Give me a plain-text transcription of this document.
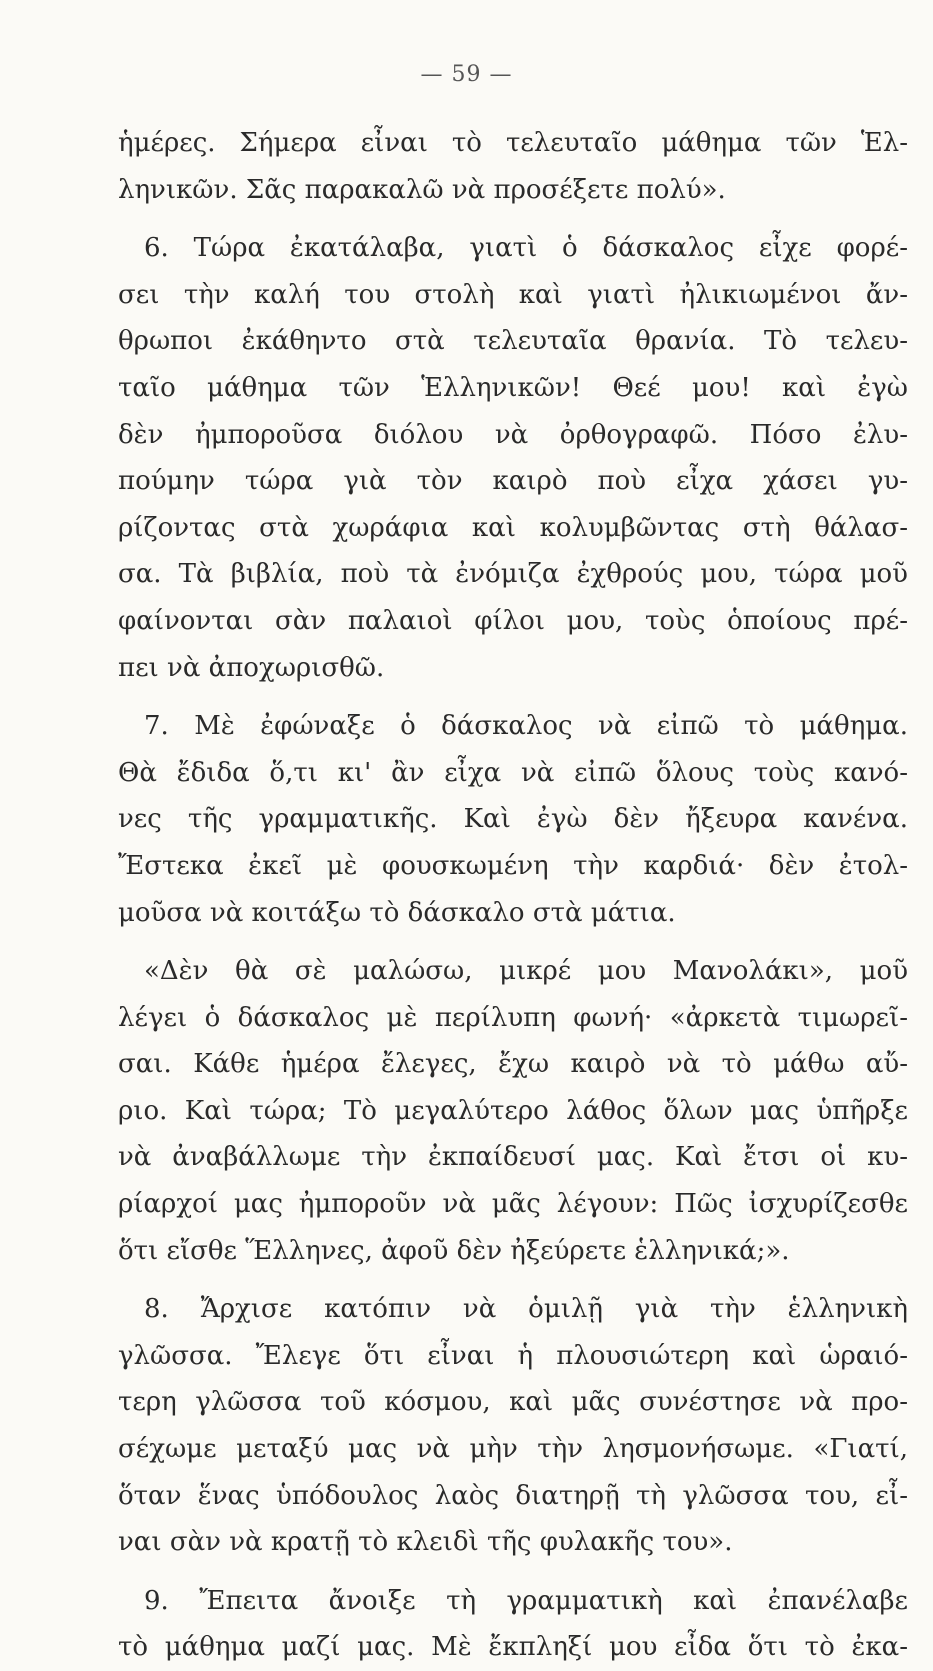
— 59 —
ἡμέρες. Σήμερα εἶναι τὸ τελευταῖο μάθημα τῶν Ἑλ-
ληνικῶν. Σᾶς παρακαλῶ νὰ προσέξετε πολύ».
6. Τώρα ἐκατάλαβα, γιατὶ ὁ δάσκαλος εἶχε φορέ-
σει τὴν καλή του στολὴ καὶ γιατὶ ἠλικιωμένοι ἄν-
θρωποι ἐκάθηντο στὰ τελευταῖα θρανία. Τὸ τελευ-
ταῖο μάθημα τῶν Ἑλληνικῶν! Θεέ μου! καὶ ἐγὼ
δὲν ἠμποροῦσα διόλου νὰ ὀρθογραφῶ. Πόσο ἐλυ-
πούμην τώρα γιὰ τὸν καιρὸ ποὺ εἶχα χάσει γυ-
ρίζοντας στὰ χωράφια καὶ κολυμβῶντας στὴ θάλασ-
σα. Τὰ βιβλία, ποὺ τὰ ἐνόμιζα ἐχθρούς μου, τώρα μοῦ
φαίνονται σὰν παλαιοὶ φίλοι μου, τοὺς ὁποίους πρέ-
πει νὰ ἀποχωρισθῶ.
7. Μὲ ἐφώναξε ὁ δάσκαλος νὰ εἰπῶ τὸ μάθημα.
Θὰ ἔδιδα ὅ,τι κι' ἂν εἶχα νὰ εἰπῶ ὅλους τοὺς κανό-
νες τῆς γραμματικῆς. Καὶ ἐγὼ δὲν ἤξευρα κανένα.
Ἔστεκα ἐκεῖ μὲ φουσκωμένη τὴν καρδιά· δὲν ἐτολ-
μοῦσα νὰ κοιτάξω τὸ δάσκαλο στὰ μάτια.
«Δὲν θὰ σὲ μαλώσω, μικρέ μου Μανολάκι», μοῦ
λέγει ὁ δάσκαλος μὲ περίλυπη φωνή· «ἀρκετὰ τιμωρεῖ-
σαι. Κάθε ἡμέρα ἔλεγες, ἔχω καιρὸ νὰ τὸ μάθω αὔ-
ριο. Καὶ τώρα; Τὸ μεγαλύτερο λάθος ὅλων μας ὑπῆρξε
νὰ ἀναβάλλωμε τὴν ἐκπαίδευσί μας. Καὶ ἔτσι οἱ κυ-
ρίαρχοί μας ἠμποροῦν νὰ μᾶς λέγουν: Πῶς ἰσχυρίζεσθε
ὅτι εἴσθε Ἕλληνες, ἀφοῦ δὲν ἠξεύρετε ἑλληνικά;».
8. Ἄρχισε κατόπιν νὰ ὁμιλῇ γιὰ τὴν ἑλληνικὴ
γλῶσσα. Ἔλεγε ὅτι εἶναι ἡ πλουσιώτερη καὶ ὡραιό-
τερη γλῶσσα τοῦ κόσμου, καὶ μᾶς συνέστησε νὰ προ-
σέχωμε μεταξύ μας νὰ μὴν τὴν λησμονήσωμε. «Γιατί,
ὅταν ἕνας ὑπόδουλος λαὸς διατηρῇ τὴ γλῶσσα του, εἶ-
ναι σὰν νὰ κρατῇ τὸ κλειδὶ τῆς φυλακῆς του».
9. Ἔπειτα ἄνοιξε τὴ γραμματικὴ καὶ ἐπανέλαβε
τὸ μάθημα μαζί μας. Μὲ ἔκπληξί μου εἶδα ὅτι τὸ ἐκα-
